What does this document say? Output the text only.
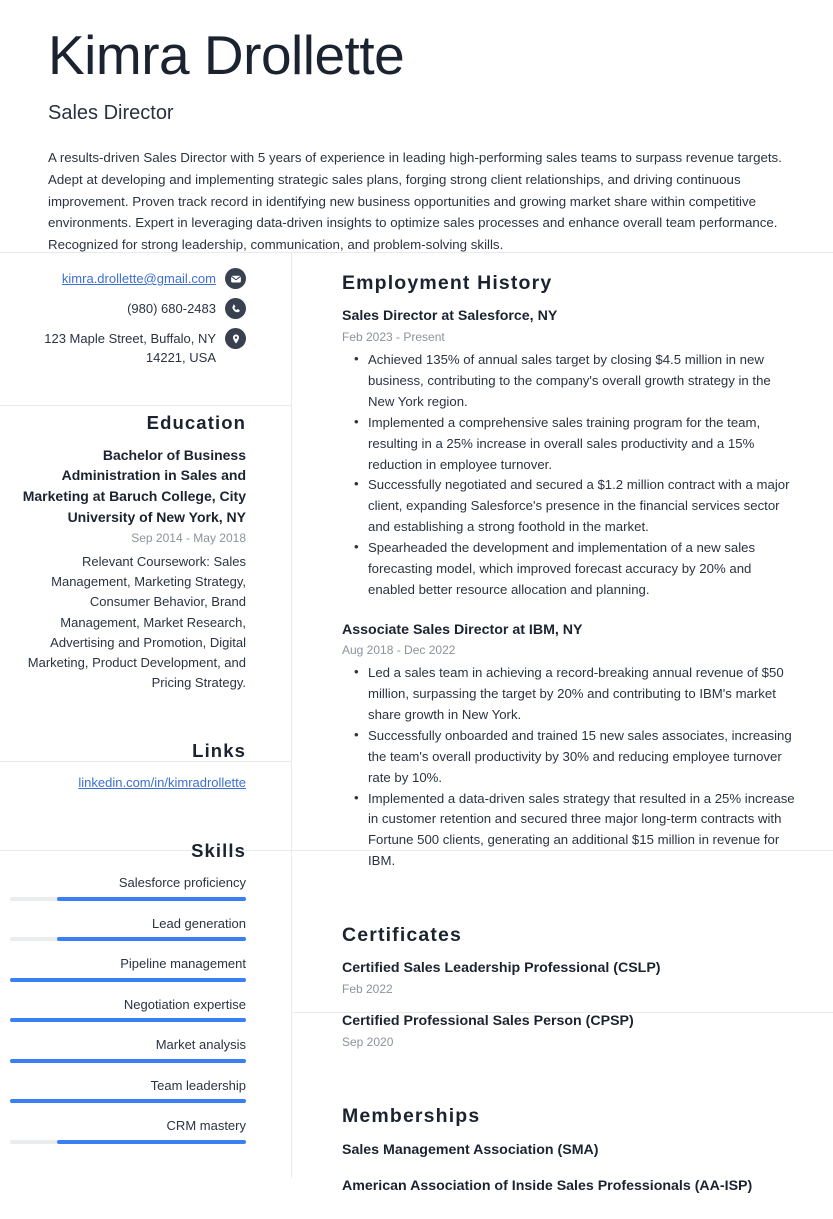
Kimra Drollette
Sales Director

A results-driven Sales Director with 5 years of experience in leading high-performing sales teams to surpass revenue targets. Adept at developing and implementing strategic sales plans, forging strong client relationships, and driving continuous improvement. Proven track record in identifying new business opportunities and growing market share within competitive environments. Expert in leveraging data-driven insights to optimize sales processes and enhance overall team performance. Recognized for strong leadership, communication, and problem-solving skills.

kimra.drollette@gmail.com
(980) 680-2483
123 Maple Street, Buffalo, NY 14221, USA
Education
Bachelor of Business Administration in Sales and Marketing at Baruch College, City University of New York, NY
Sep 2014 - May 2018
Relevant Coursework: Sales Management, Marketing Strategy, Consumer Behavior, Brand Management, Market Research, Advertising and Promotion, Digital Marketing, Product Development, and Pricing Strategy.
Links
linkedin.com/in/kimradrollette
Skills
Salesforce proficiency
Lead generation
Pipeline management
Negotiation expertise
Market analysis
Team leadership
CRM mastery
Employment History
Sales Director at Salesforce, NY
Feb 2023 - Present
• Achieved 135% of annual sales target by closing $4.5 million in new business, contributing to the company's overall growth strategy in the New York region.
• Implemented a comprehensive sales training program for the team, resulting in a 25% increase in overall sales productivity and a 15% reduction in employee turnover.
• Successfully negotiated and secured a $1.2 million contract with a major client, expanding Salesforce's presence in the financial services sector and establishing a strong foothold in the market.
• Spearheaded the development and implementation of a new sales forecasting model, which improved forecast accuracy by 20% and enabled better resource allocation and planning.
Associate Sales Director at IBM, NY
Aug 2018 - Dec 2022
• Led a sales team in achieving a record-breaking annual revenue of $50 million, surpassing the target by 20% and contributing to IBM's market share growth in New York.
• Successfully onboarded and trained 15 new sales associates, increasing the team's overall productivity by 30% and reducing employee turnover rate by 10%.
• Implemented a data-driven sales strategy that resulted in a 25% increase in customer retention and secured three major long-term contracts with Fortune 500 clients, generating an additional $15 million in revenue for IBM.
Certificates
Certified Sales Leadership Professional (CSLP)
Feb 2022
Certified Professional Sales Person (CPSP)
Sep 2020
Memberships
Sales Management Association (SMA)
American Association of Inside Sales Professionals (AA-ISP)
